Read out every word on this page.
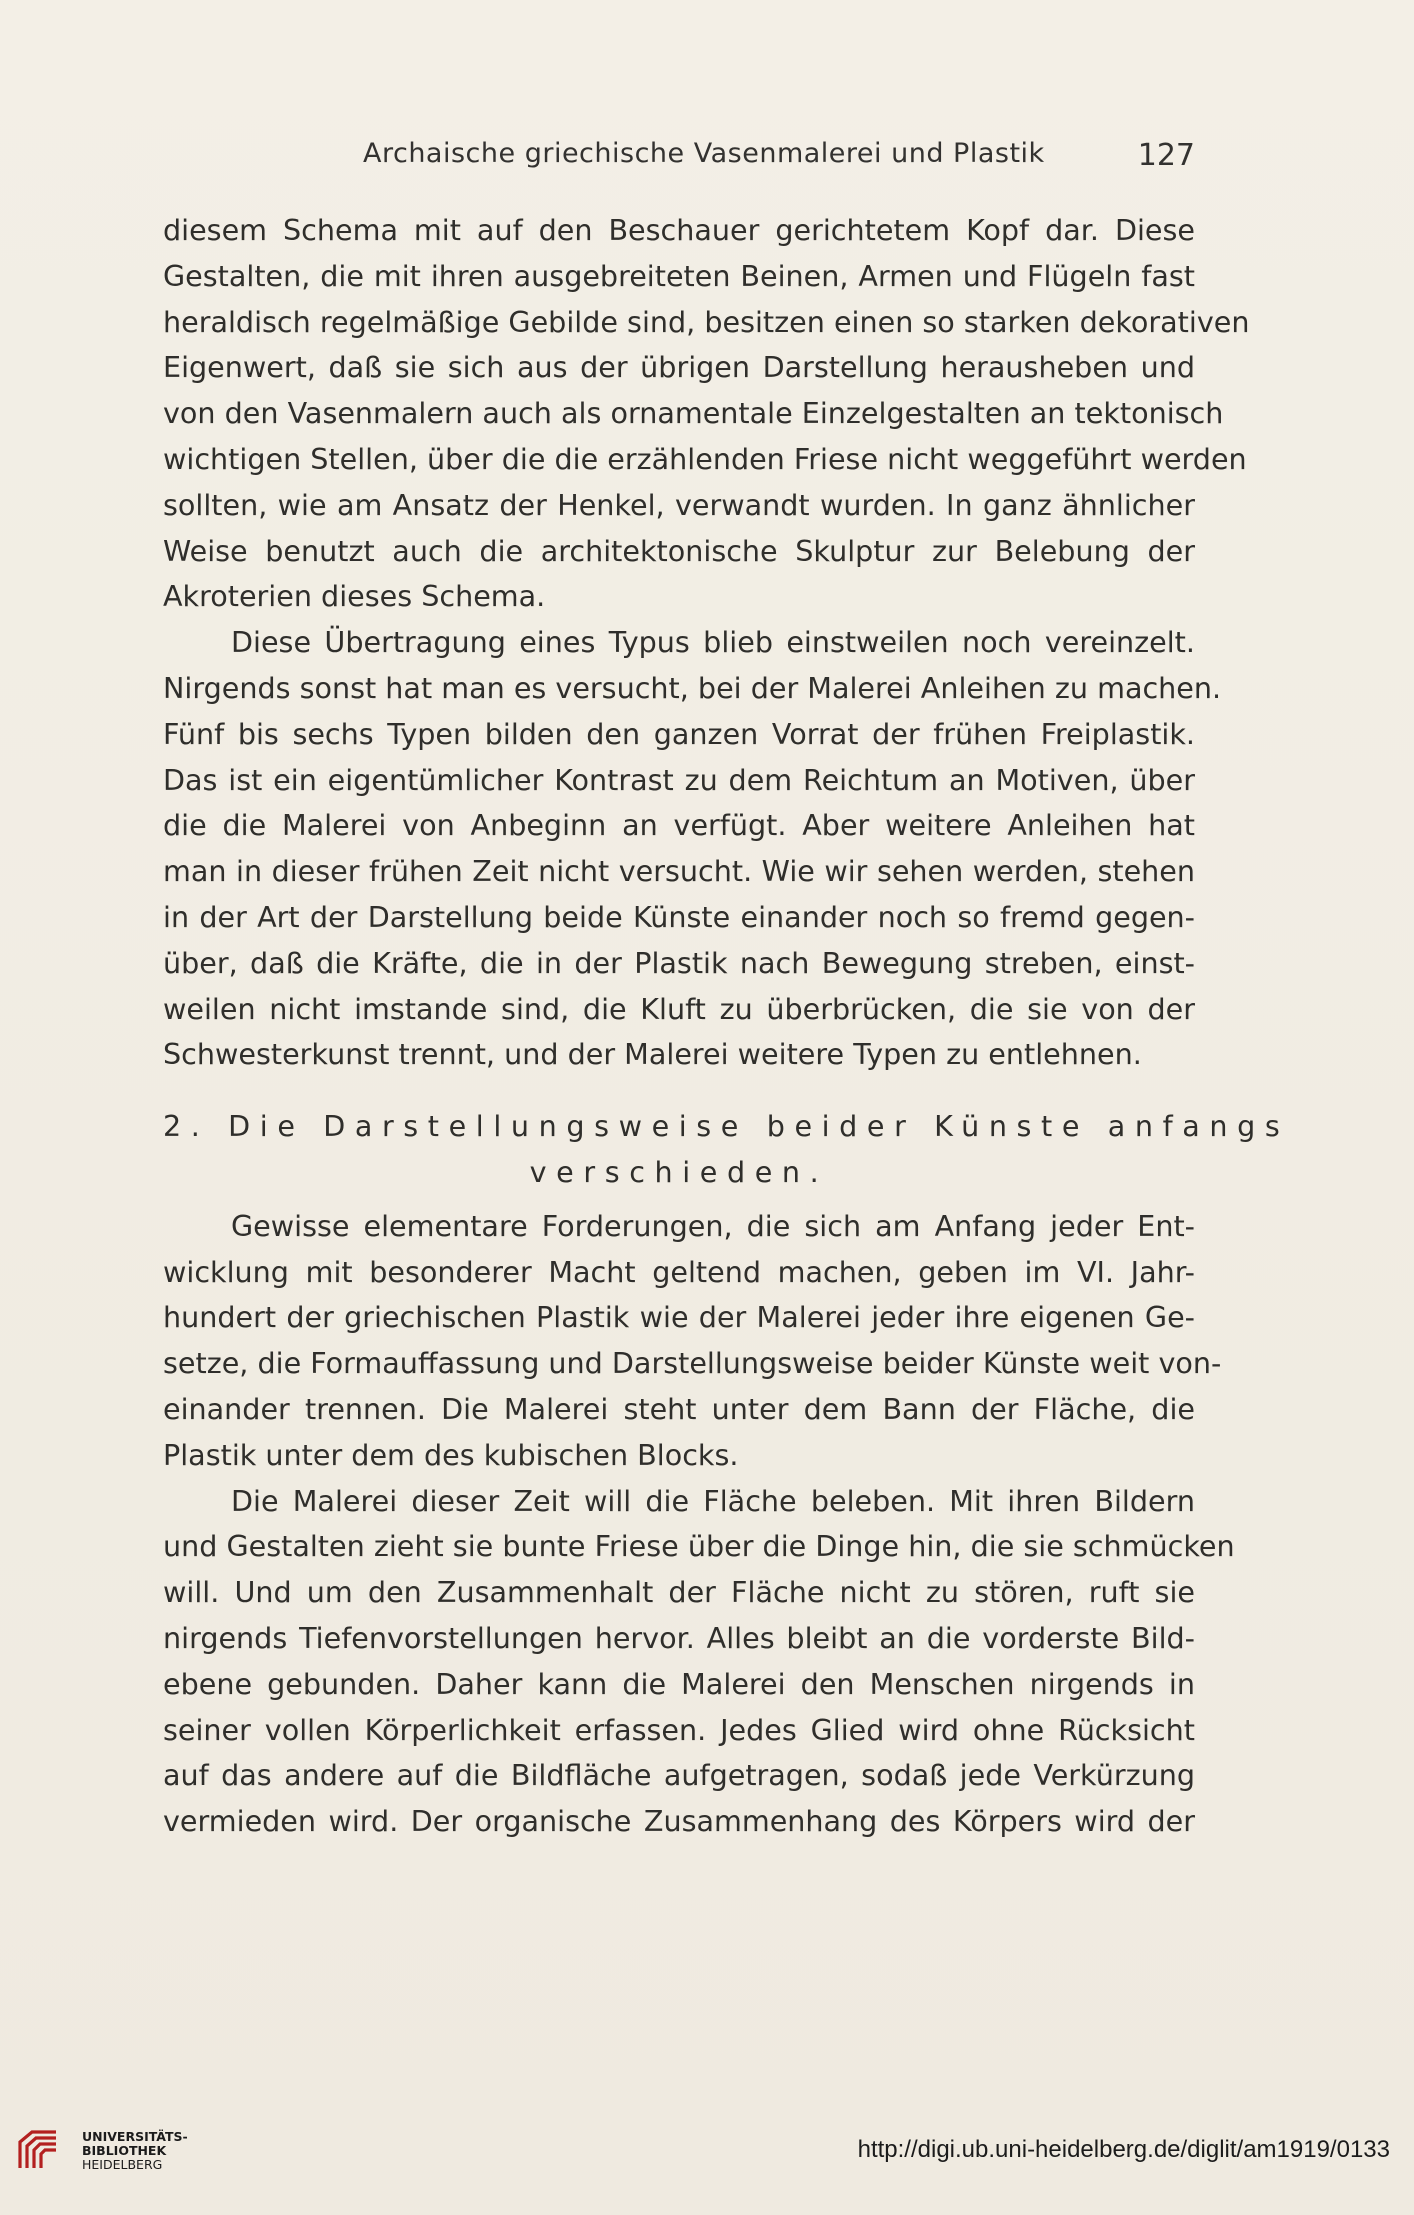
Archaische griechische Vasenmalerei und Plastik	127
diesem Schema mit auf den Beschauer gerichtetem Kopf dar. Diese
Gestalten, die mit ihren ausgebreiteten Beinen, Armen und Flügeln fast
heraldisch regelmäßige Gebilde sind, besitzen einen so starken dekorativen
Eigenwert, daß sie sich aus der übrigen Darstellung herausheben und
von den Vasenmalern auch als ornamentale Einzelgestalten an tektonisch
wichtigen Stellen, über die die erzählenden Friese nicht weggeführt werden
sollten, wie am Ansatz der Henkel, verwandt wurden. In ganz ähnlicher
Weise benutzt auch die architektonische Skulptur zur Belebung der
Akroterien dieses Schema.
Diese Übertragung eines Typus blieb einstweilen noch vereinzelt.
Nirgends sonst hat man es versucht, bei der Malerei Anleihen zu machen.
Fünf bis sechs Typen bilden den ganzen Vorrat der frühen Freiplastik.
Das ist ein eigentümlicher Kontrast zu dem Reichtum an Motiven, über
die die Malerei von Anbeginn an verfügt. Aber weitere Anleihen hat
man in dieser frühen Zeit nicht versucht. Wie wir sehen werden, stehen
in der Art der Darstellung beide Künste einander noch so fremd gegen-
über, daß die Kräfte, die in der Plastik nach Bewegung streben, einst-
weilen nicht imstande sind, die Kluft zu überbrücken, die sie von der
Schwesterkunst trennt, und der Malerei weitere Typen zu entlehnen.
2. Die Darstellungsweise beider Künste anfangs
verschieden.
Gewisse elementare Forderungen, die sich am Anfang jeder Ent-
wicklung mit besonderer Macht geltend machen, geben im VI. Jahr-
hundert der griechischen Plastik wie der Malerei jeder ihre eigenen Ge-
setze, die Formauffassung und Darstellungsweise beider Künste weit von-
einander trennen. Die Malerei steht unter dem Bann der Fläche, die
Plastik unter dem des kubischen Blocks.
Die Malerei dieser Zeit will die Fläche beleben. Mit ihren Bildern
und Gestalten zieht sie bunte Friese über die Dinge hin, die sie schmücken
will. Und um den Zusammenhalt der Fläche nicht zu stören, ruft sie
nirgends Tiefenvorstellungen hervor. Alles bleibt an die vorderste Bild-
ebene gebunden. Daher kann die Malerei den Menschen nirgends in
seiner vollen Körperlichkeit erfassen. Jedes Glied wird ohne Rücksicht
auf das andere auf die Bildfläche aufgetragen, sodaß jede Verkürzung
vermieden wird. Der organische Zusammenhang des Körpers wird der
UNIVERSITÄTS-
BIBLIOTHEK
HEIDELBERG
http://digi.ub.uni-heidelberg.de/diglit/am1919/0133
